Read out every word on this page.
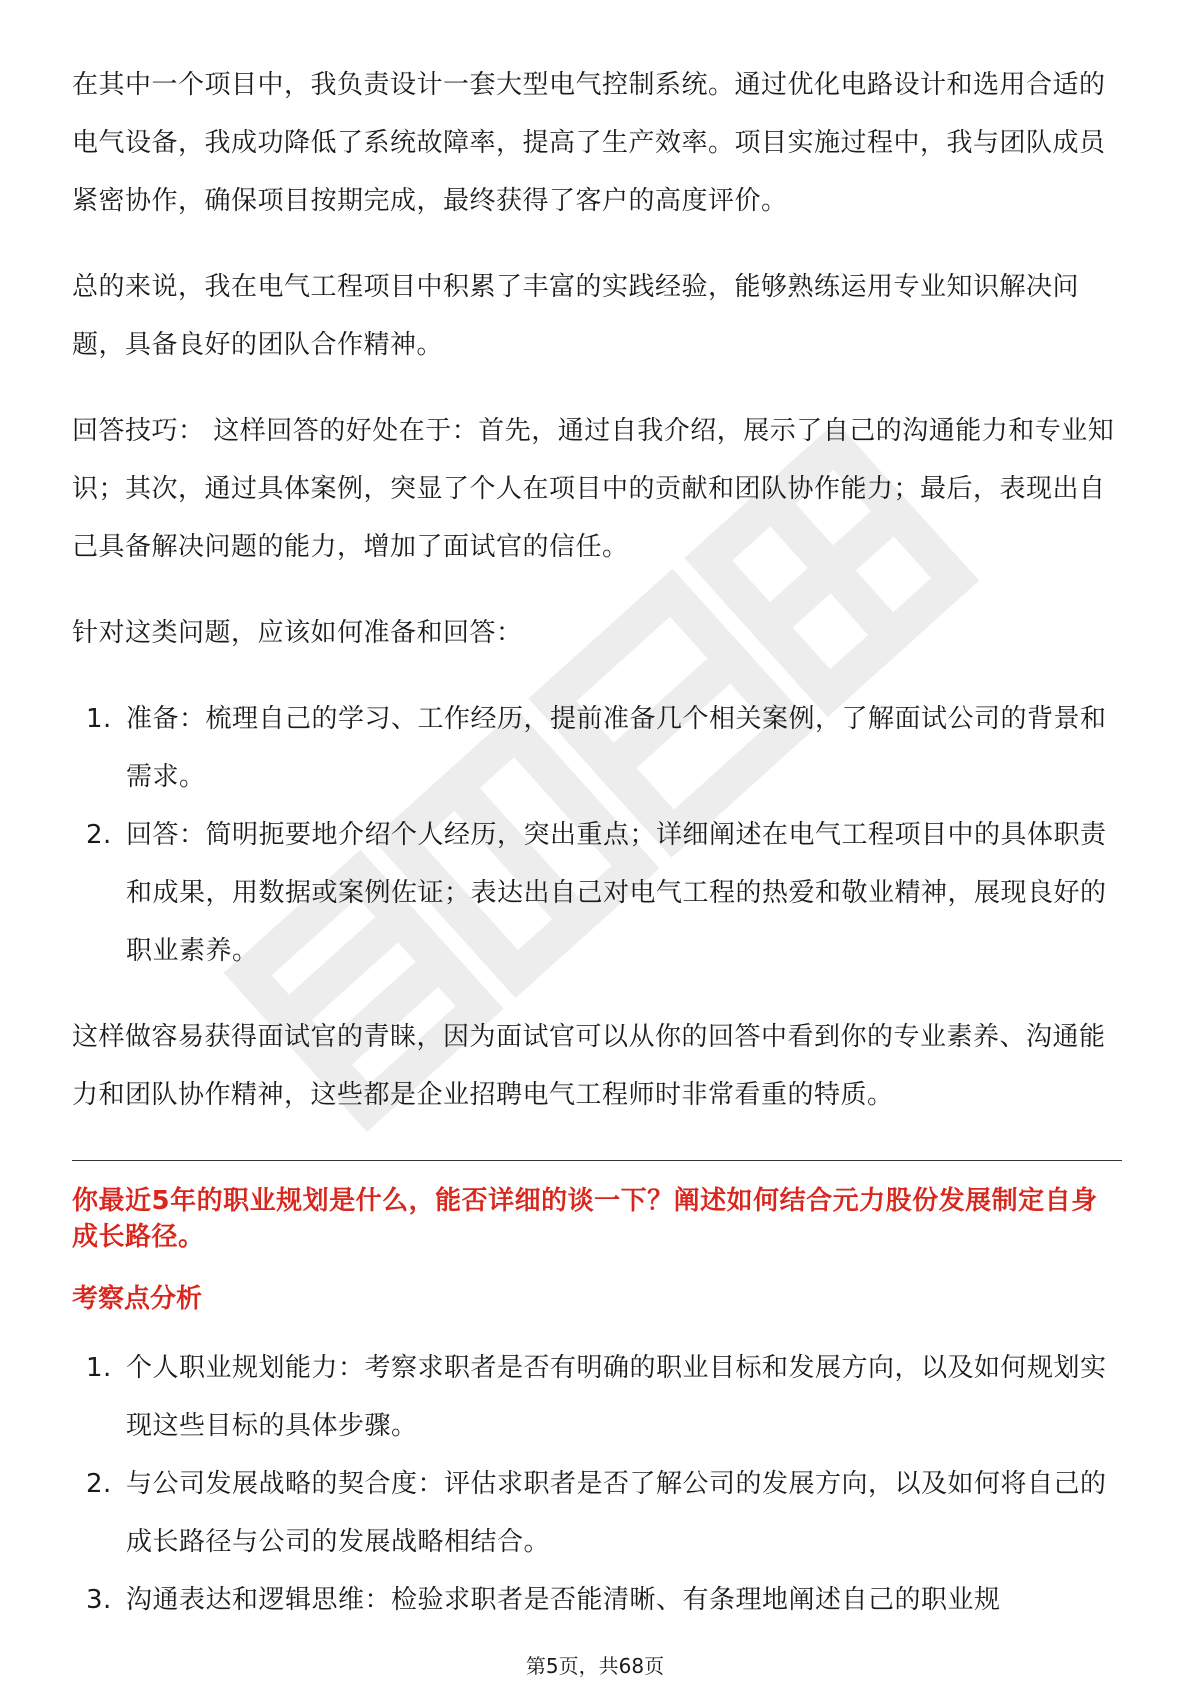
在其中一个项目中，我负责设计一套大型电气控制系统。通过优化电路设计和选用合适的电气设备，我成功降低了系统故障率，提高了生产效率。项目实施过程中，我与团队成员紧密协作，确保项目按期完成，最终获得了客户的高度评价。

总的来说，我在电气工程项目中积累了丰富的实践经验，能够熟练运用专业知识解决问题，具备良好的团队合作精神。

回答技巧： 这样回答的好处在于：首先，通过自我介绍，展示了自己的沟通能力和专业知识；其次，通过具体案例，突显了个人在项目中的贡献和团队协作能力；最后，表现出自己具备解决问题的能力，增加了面试官的信任。

针对这类问题，应该如何准备和回答：

1. 准备：梳理自己的学习、工作经历，提前准备几个相关案例，了解面试公司的背景和需求。
2. 回答：简明扼要地介绍个人经历，突出重点；详细阐述在电气工程项目中的具体职责和成果，用数据或案例佐证；表达出自己对电气工程的热爱和敬业精神，展现良好的职业素养。

这样做容易获得面试官的青睐，因为面试官可以从你的回答中看到你的专业素养、沟通能力和团队协作精神，这些都是企业招聘电气工程师时非常看重的特质。

你最近5年的职业规划是什么，能否详细的谈一下？阐述如何结合元力股份发展制定自身成长路径。
考察点分析
1. 个人职业规划能力：考察求职者是否有明确的职业目标和发展方向，以及如何规划实现这些目标的具体步骤。
2. 与公司发展战略的契合度：评估求职者是否了解公司的发展方向，以及如何将自己的成长路径与公司的发展战略相结合。
3. 沟通表达和逻辑思维：检验求职者是否能清晰、有条理地阐述自己的职业规
第5页，共68页
